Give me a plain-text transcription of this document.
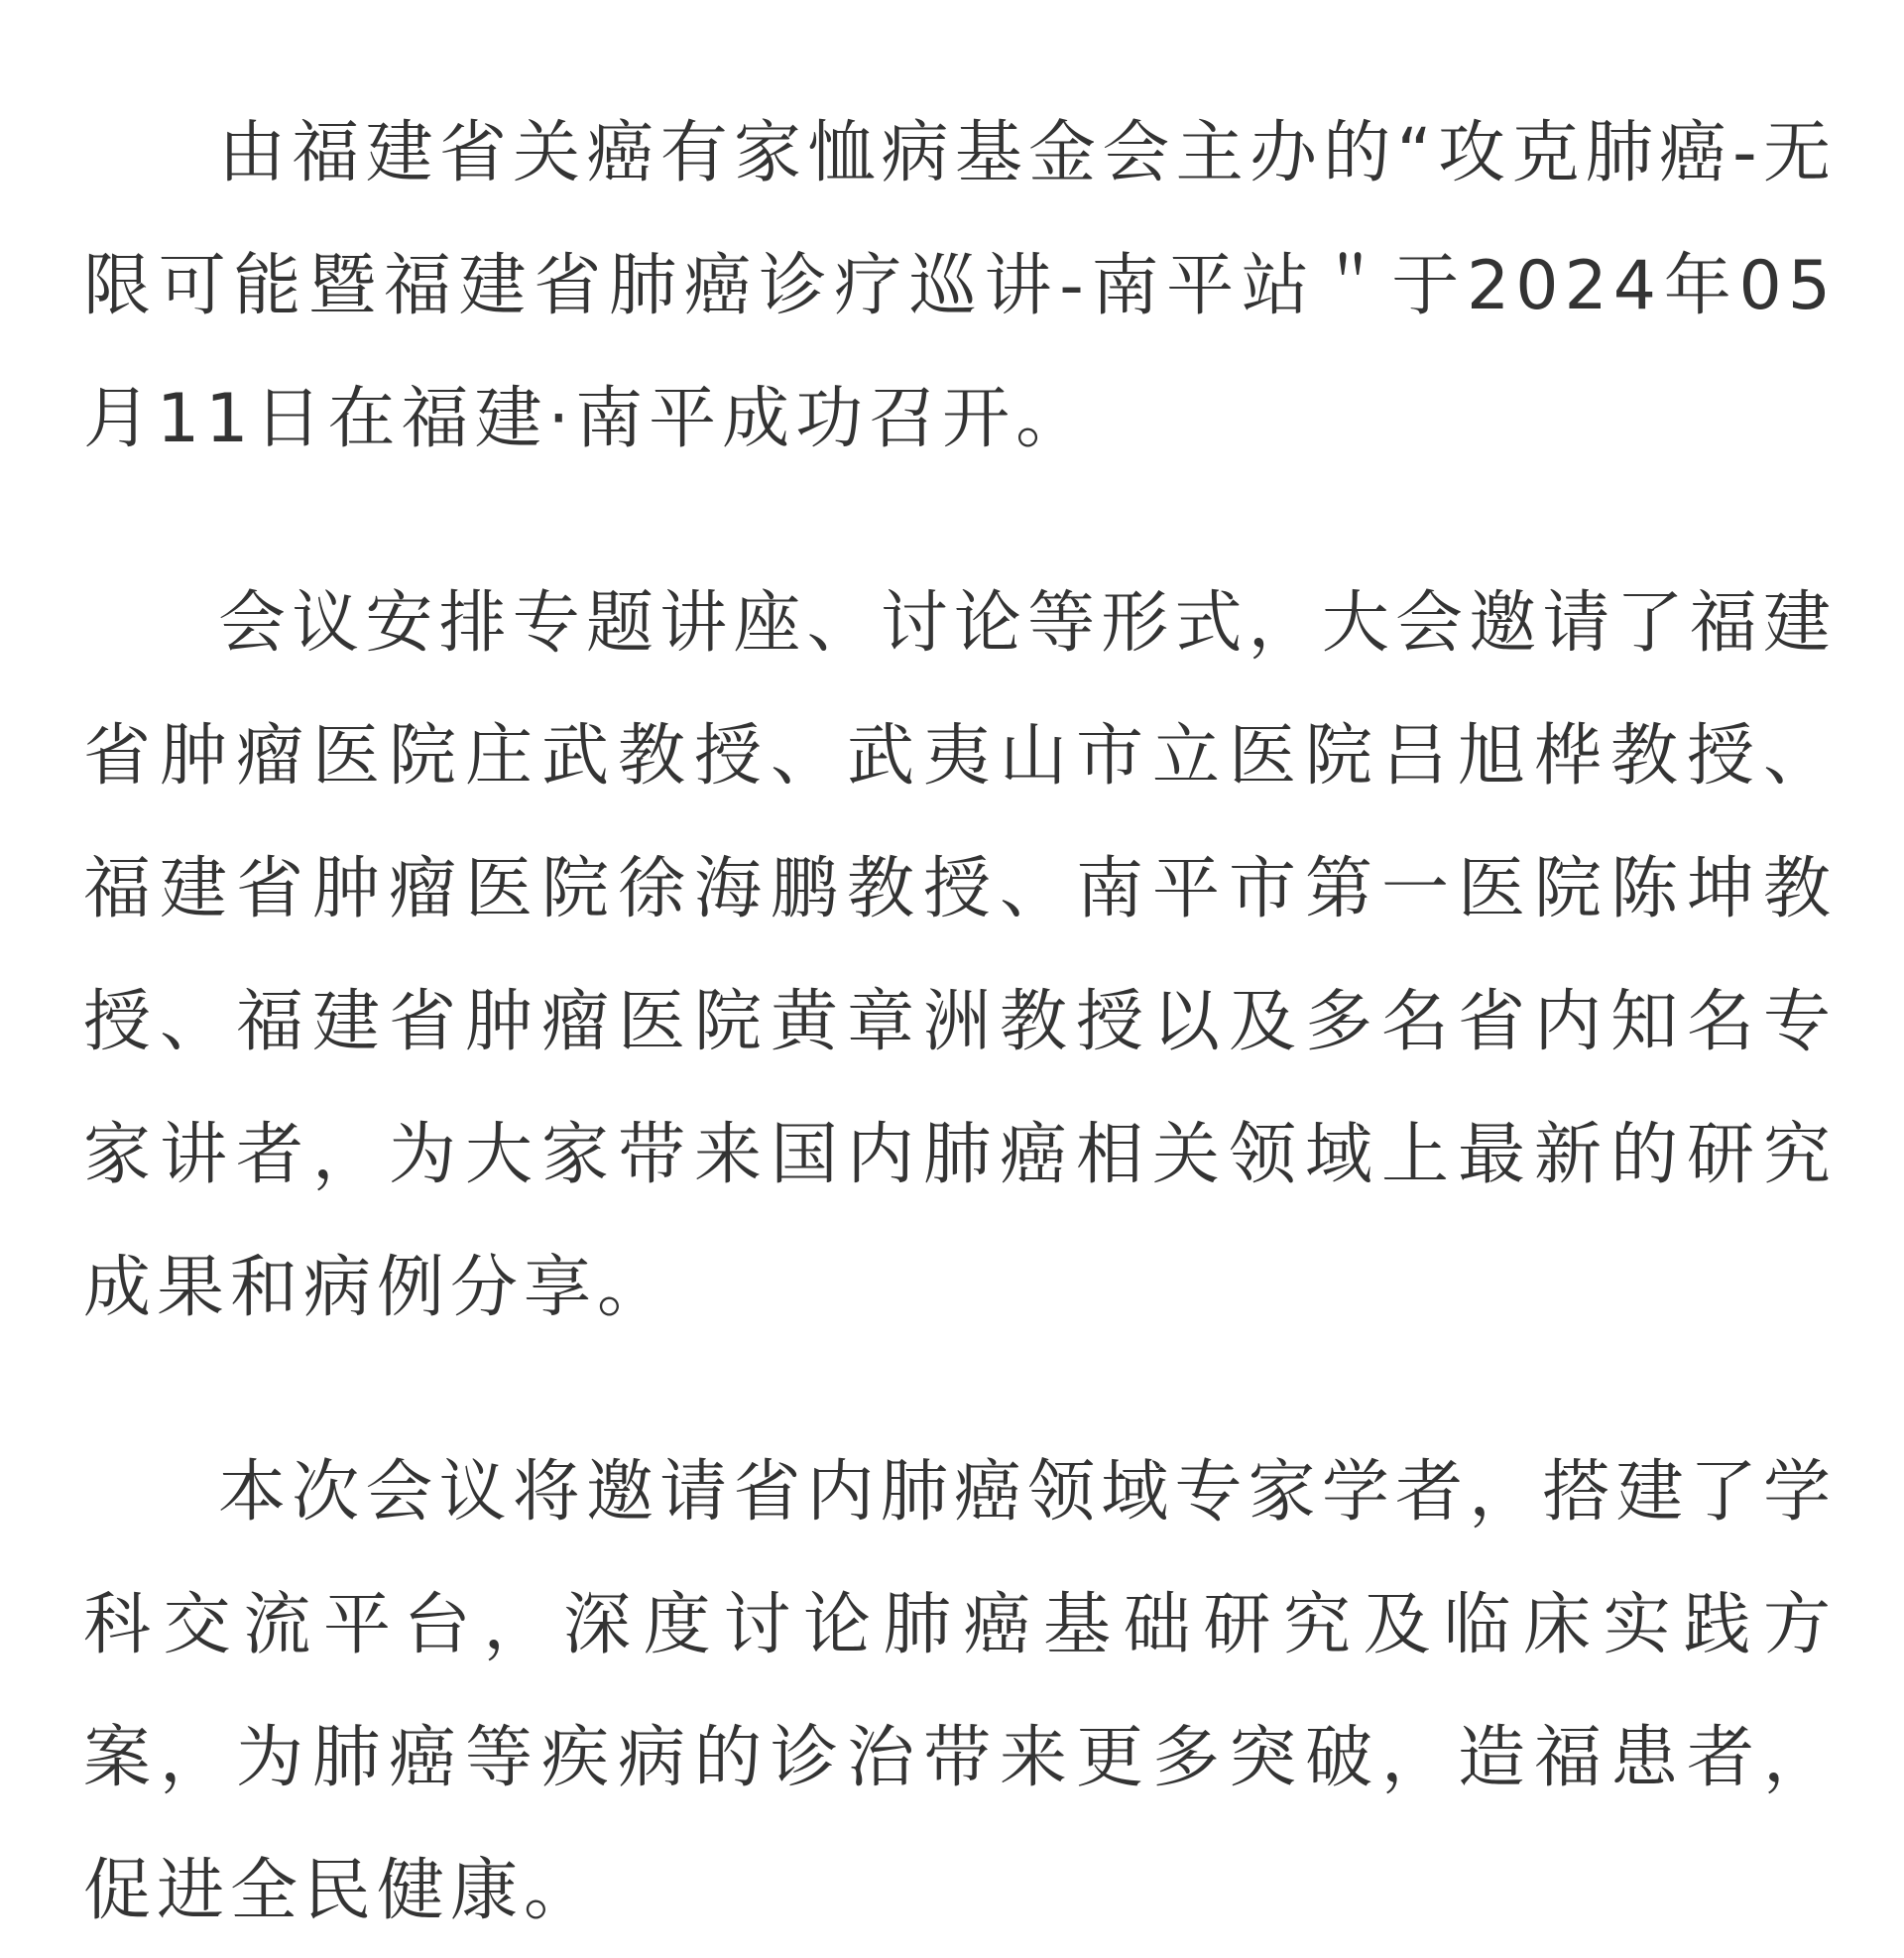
由福建省关癌有家恤病基金会主办的“攻克肺癌-无限可能暨福建省肺癌诊疗巡讲-南平站＂于2024年05月11日在福建·南平成功召开。

会议安排专题讲座、讨论等形式，大会邀请了福建省肿瘤医院庄武教授、武夷山市立医院吕旭桦教授、福建省肿瘤医院徐海鹏教授、南平市第一医院陈坤教授、福建省肿瘤医院黄章洲教授以及多名省内知名专家讲者，为大家带来国内肺癌相关领域上最新的研究成果和病例分享。

本次会议将邀请省内肺癌领域专家学者，搭建了学科交流平台，深度讨论肺癌基础研究及临床实践方案，为肺癌等疾病的诊治带来更多突破，造福患者，促进全民健康。
